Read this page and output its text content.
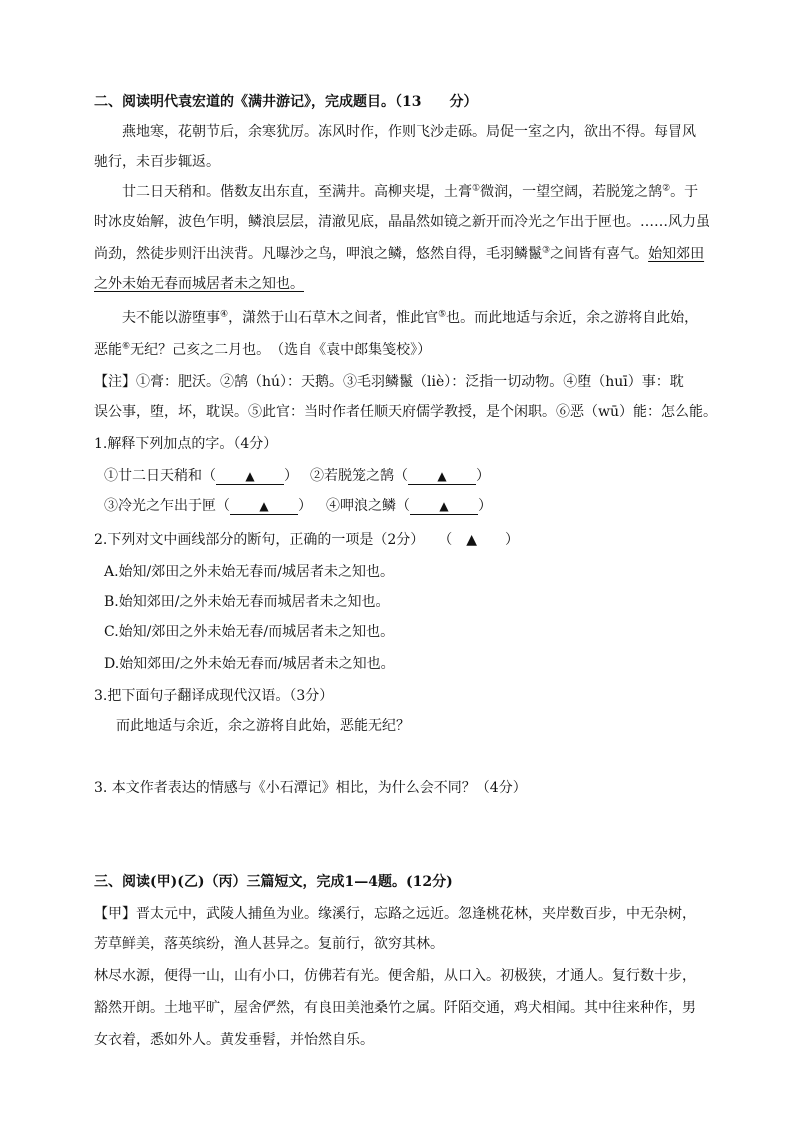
二、阅读明代袁宏道的《满井游记》，完成题目。（13　　分）
燕地寒，花朝节后，余寒犹厉。冻风时作，作则飞沙走砾。局促一室之内，欲出不得。每冒风
驰行，未百步辄返。
廿二日天稍和。偕数友出东直，至满井。高柳夹堤，土膏①微润，一望空阔，若脱笼之鹄②。于
时冰皮始解，波色乍明，鳞浪层层，清澈见底，晶晶然如镜之新开而冷光之乍出于匣也。……风力虽
尚劲，然徒步则汗出浃背。凡曝沙之鸟，呷浪之鳞，悠然自得，毛羽鳞鬣③之间皆有喜气。始知郊田
之外未始无春而城居者未之知也。
夫不能以游堕事④，潇然于山石草木之间者，惟此官⑤也。而此地适与余近，余之游将自此始，
恶能⑥无纪？己亥之二月也。　（选自《袁中郎集笺校》）
【注】①膏：肥沃。②鹄（hú）：天鹅。③毛羽鳞鬣（liè）：泛指一切动物。④堕（huī）事：耽
误公事，堕，坏，耽误。⑤此官：当时作者任顺天府儒学教授，是个闲职。⑥恶（wū）能：怎么能。
1.解释下列加点的字。（4分）
①廿二日天稍和（ ▲ ） ②若脱笼之鹄（ ▲ ）
③冷光之乍出于匣（ ▲ ） ④呷浪之鳞（ ▲ ）
2.下列对文中画线部分的断句，正确的一项是（2分）　　（　▲　　）
A.始知/郊田之外未始无春而/城居者未之知也。
B.始知郊田/之外未始无春而城居者未之知也。
C.始知/郊田之外未始无春/而城居者未之知也。
D.始知郊田/之外未始无春而/城居者未之知也。
3.把下面句子翻译成现代汉语。（3分）
而此地适与余近，余之游将自此始，恶能无纪？
3. 本文作者表达的情感与《小石潭记》相比，为什么会不同？（4分）
三、阅读(甲)(乙)（丙）三篇短文，完成1—4题。(12分)
【甲】晋太元中，武陵人捕鱼为业。缘溪行，忘路之远近。忽逢桃花林，夹岸数百步，中无杂树，
芳草鲜美，落英缤纷，渔人甚异之。复前行，欲穷其林。
林尽水源，便得一山，山有小口，仿佛若有光。便舍船，从口入。初极狭，才通人。复行数十步，
豁然开朗。土地平旷，屋舍俨然，有良田美池桑竹之属。阡陌交通，鸡犬相闻。其中往来种作，男
女衣着，悉如外人。黄发垂髫，并怡然自乐。
